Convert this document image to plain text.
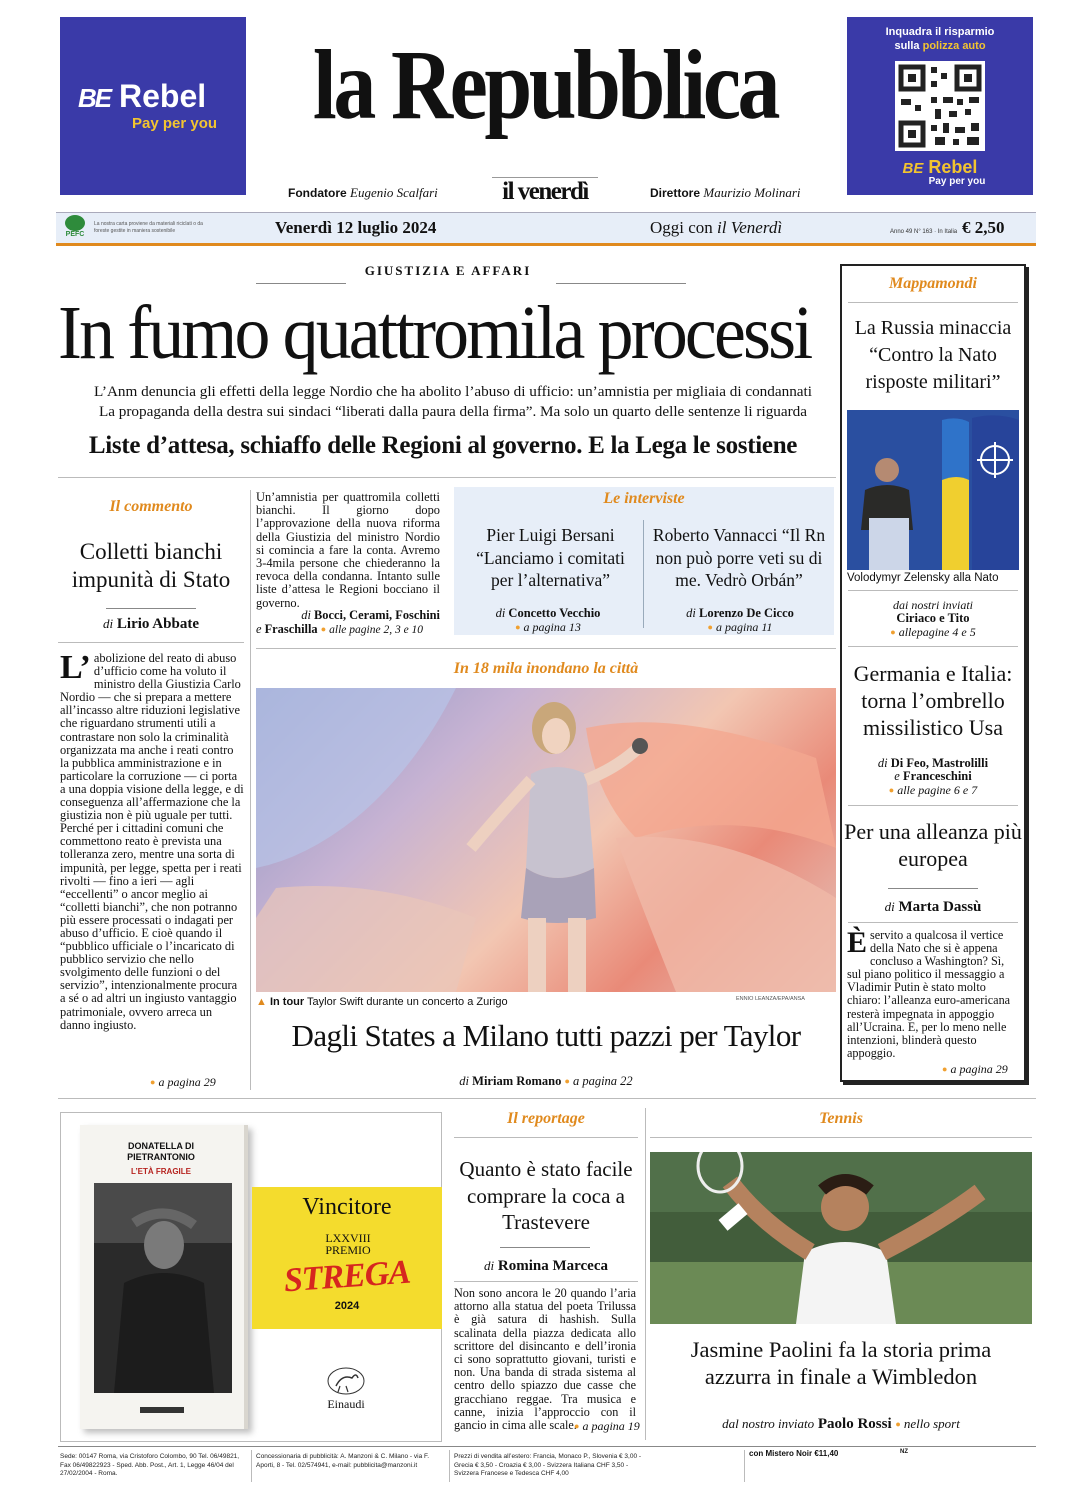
BE Rebel
Pay per you la Repubblica	Inquadra il risparmio
sulla polizza auto
BE Rebel
Pay per you
Fondatore Eugenio Scalfari	il venerdì	Direttore Maurizio Molinari
PEFC
La nostra carta proviene da materiali riciclati o da foreste gestite in maniera sostenibile	Venerdì 12 luglio 2024	Oggi con il Venerdì	Anno 49 N° 163 · In Italia € 2,50
GIUSTIZIA E AFFARI
In fumo quattromila processi
L’Anm denuncia gli effetti della legge Nordio che ha abolito l’abuso di ufficio: un’amnistia per migliaia di condannati
La propaganda della destra sui sindaci “liberati dalla paura della firma”. Ma solo un quarto delle sentenze li riguarda
Liste d’attesa, schiaffo delle Regioni al governo. E la Lega le sostiene
Il commento
Colletti bianchi impunità di Stato
di Lirio Abbate
L’ abolizione del reato di abuso d’ufficio come ha voluto il ministro della Giustizia Carlo Nordio — che si prepara a mettere all’incasso altre riduzioni legislative che riguardano strumenti utili a contrastare non solo la criminalità organizzata ma anche i reati contro la pubblica amministrazione e in particolare la corruzione — ci porta a una doppia visione della legge, e di conseguenza all’affermazione che la giustizia non è più uguale per tutti. Perché per i cittadini comuni che commettono reato è prevista una tolleranza zero, mentre una sorta di impunità, per legge, spetta per i reati rivolti — fino a ieri — agli “eccellenti” o ancor meglio ai “colletti bianchi”, che non potranno più essere processati o indagati per abuso d’ufficio. E cioè quando il “pubblico ufficiale o l’incaricato di pubblico servizio che nello svolgimento delle funzioni o del servizio”, intenzionalmente procura a sé o ad altri un ingiusto vantaggio patrimoniale, ovvero arreca un danno ingiusto.
● a pagina 29
Un’amnistia per quattromila colletti bianchi. Il giorno dopo l’approvazione della nuova riforma della Giustizia del ministro Nordio si comincia a fare la conta. Avremo 3-4mila persone che chiederanno la revoca della condanna. Intanto sulle liste d’attesa le Regioni bocciano il governo.
di Bocci, Cerami, Foschini
e Fraschilla ● alle pagine 2, 3 e 10
Le interviste
Pier Luigi Bersani “Lanciamo i comitati per l’alternativa”
di Concetto Vecchio
● a pagina 13
Roberto Vannacci “Il Rn non può porre veti su di me. Vedrò Orbán”
di Lorenzo De Cicco
● a pagina 11
In 18 mila inondano la città
▲ In tour Taylor Swift durante un concerto a Zurigo	ENNIO LEANZA/EPA/ANSA
Dagli States a Milano tutti pazzi per Taylor
di Miriam Romano ● a pagina 22
Mappamondi
La Russia minaccia “Contro la Nato risposte militari”
Volodymyr Zelensky alla Nato
dai nostri inviati
Ciriaco e Tito
● allepagine 4 e 5
Germania e Italia: torna l’ombrello missilistico Usa
di Di Feo, Mastrolilli
e Franceschini
● alle pagine 6 e 7
Per una alleanza più europea
di Marta Dassù
È servito a qualcosa il vertice della Nato che si è appena concluso a Washington? Sì, sul piano politico il messaggio a Vladimir Putin è stato molto chiaro: l’alleanza euro-americana resterà impegnata in appoggio all’Ucraina. E, per lo meno nelle intenzioni, blinderà questo appoggio.
● a pagina 29
DONATELLA DI PIETRANTONIO
L’ETÀ FRAGILE
Vincitore
LXXVIII PREMIO
STREGA
2024
Einaudi
Il reportage
Quanto è stato facile comprare la coca a Trastevere
di Romina Marceca
Non sono ancora le 20 quando l’aria attorno alla statua del poeta Trilussa è già satura di hashish. Sulla scalinata della piazza dedicata allo scrittore del disincanto e dell’ironia ci sono soprattutto giovani, turisti e non. Una banda di strada sistema al centro dello spiazzo due casse che gracchiano reggae. Tra musica e canne, inizia l’approccio con il gancio in cima alle scale. ● a pagina 19
Tennis
Jasmine Paolini fa la storia prima azzurra in finale a Wimbledon
dal nostro inviato Paolo Rossi ● nello sport
Sede: 00147 Roma, via Cristoforo Colombo, 90 Tel. 06/49821, Fax 06/49822923 - Sped. Abb. Post., Art. 1, Legge 46/04 del 27/02/2004 - Roma.
Concessionaria di pubblicità: A. Manzoni & C. Milano - via F. Aporti, 8 - Tel. 02/574941, e-mail: pubblicita@manzoni.it
Prezzi di vendita all’estero: Francia, Monaco P., Slovenia € 3,00 - Grecia € 3,50 - Croazia € 3,00 - Svizzera Italiana CHF 3,50 - Svizzera Francese e Tedesca CHF 4,00
con Mistero Noir €11,40	NZ
